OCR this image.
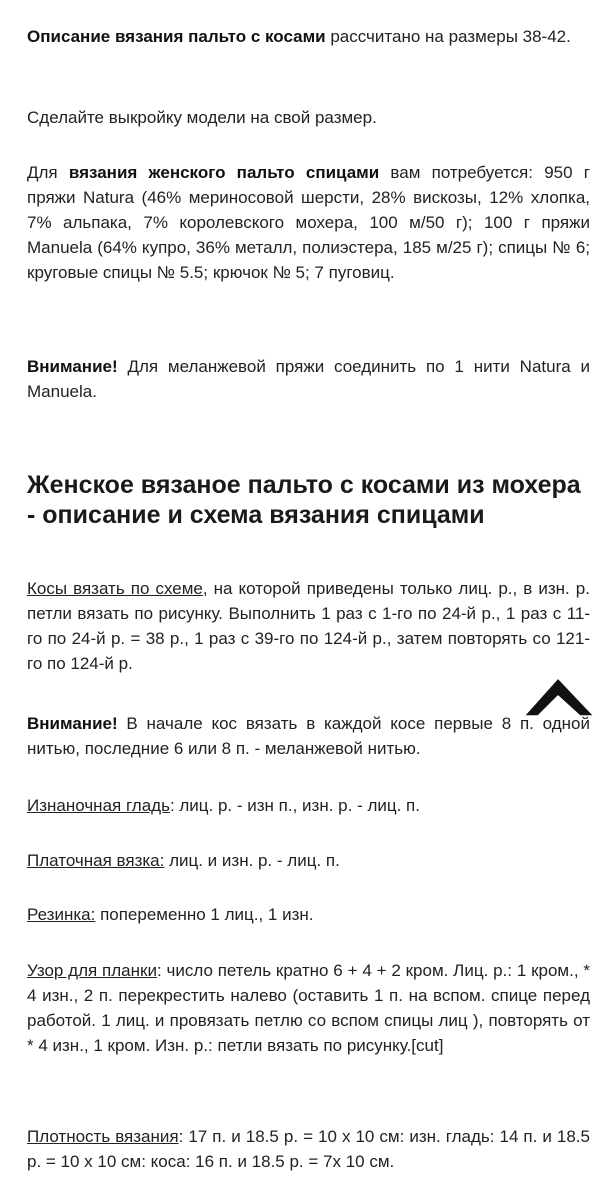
Описание вязания пальто с косами рассчитано на размеры 38-42.

Сделайте выкройку модели на свой размер.

Для вязания женского пальто спицами вам потребуется: 950 г пряжи Natura (46% мериносовой шерсти, 28% вискозы, 12% хлопка, 7% альпака, 7% королевского мохера, 100 м/50 г); 100 г пряжи Manuela (64% купро, 36% металл, полиэстера, 185 м/25 г); спицы № 6; круговые спицы № 5.5; крючок № 5; 7 пуговиц.

Внимание! Для меланжевой пряжи соединить по 1 нити Natura и Manuela.

Женское вязаное пальто с косами из мохера - описание и схема вязания спицами

Косы вязать по схеме, на которой приведены только лиц. р., в изн. р. петли вязать по рисунку. Выполнить 1 раз с 1-го по 24-й р., 1 раз с 11-го по 24-й р. = 38 р., 1 раз с 39-го по 124-й р., затем повторять со 121-го по 124-й р.

Внимание! В начале кос вязать в каждой косе первые 8 п. одной нитью, последние 6 или 8 п. - меланжевой нитью.

Изнаночная гладь: лиц. р. - изн п., изн. р. - лиц. п.

Платочная вязка: лиц. и изн. р. - лиц. п.

Резинка: попеременно 1 лиц., 1 изн.

Узор для планки: число петель кратно 6 + 4 + 2 кром. Лиц. р.: 1 кром., * 4 изн., 2 п. перекрестить налево (оставить 1 п. на вспом. спице перед работой. 1 лиц. и провязать петлю со вспом спицы лиц ), повторять от * 4 изн., 1 кром. Изн. р.: петли вязать по рисунку.[cut]

Плотность вязания: 17 п. и 18.5 р. = 10 х 10 см: изн. гладь: 14 п. и 18.5 р. = 10 х 10 см: коса: 16 п. и 18.5 р. = 7х 10 см.
